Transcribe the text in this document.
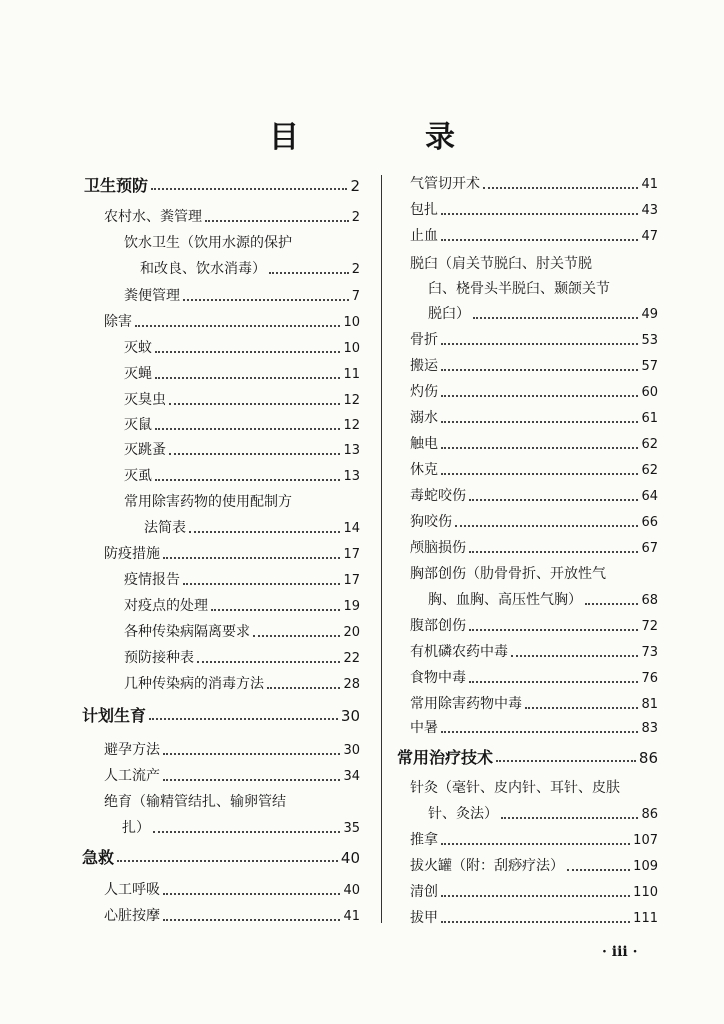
目　录
卫生预防	2
农村水、粪管理	2
饮水卫生（饮用水源的保护
和改良、饮水消毒）	2
粪便管理	7
除害	10
灭蚊	10
灭蝇	11
灭臭虫	12
灭鼠	12
灭跳蚤	13
灭虱	13
常用除害药物的使用配制方
法简表	14
防疫措施	17
疫情报告	17
对疫点的处理	19
各种传染病隔离要求	20
预防接种表	22
几种传染病的消毒方法	28
计划生育	30
避孕方法	30
人工流产	34
绝育（输精管结扎、输卵管结
扎）	35
急救	40
人工呼吸	40
心脏按摩	41
气管切开术	41
包扎	43
止血	47
脱臼（肩关节脱臼、肘关节脱
臼、桡骨头半脱臼、颞颌关节
脱臼）	49
骨折	53
搬运	57
灼伤	60
溺水	61
触电	62
休克	62
毒蛇咬伤	64
狗咬伤	66
颅脑损伤	67
胸部创伤（肋骨骨折、开放性气
胸、血胸、高压性气胸）	68
腹部创伤	72
有机磷农药中毒	73
食物中毒	76
常用除害药物中毒	81
中暑	83
常用治疗技术	86
针灸（毫针、皮内针、耳针、皮肤
针、灸法）	86
推拿	107
拔火罐（附：刮痧疗法）	109
清创	110
拔甲	111
· iii ·
